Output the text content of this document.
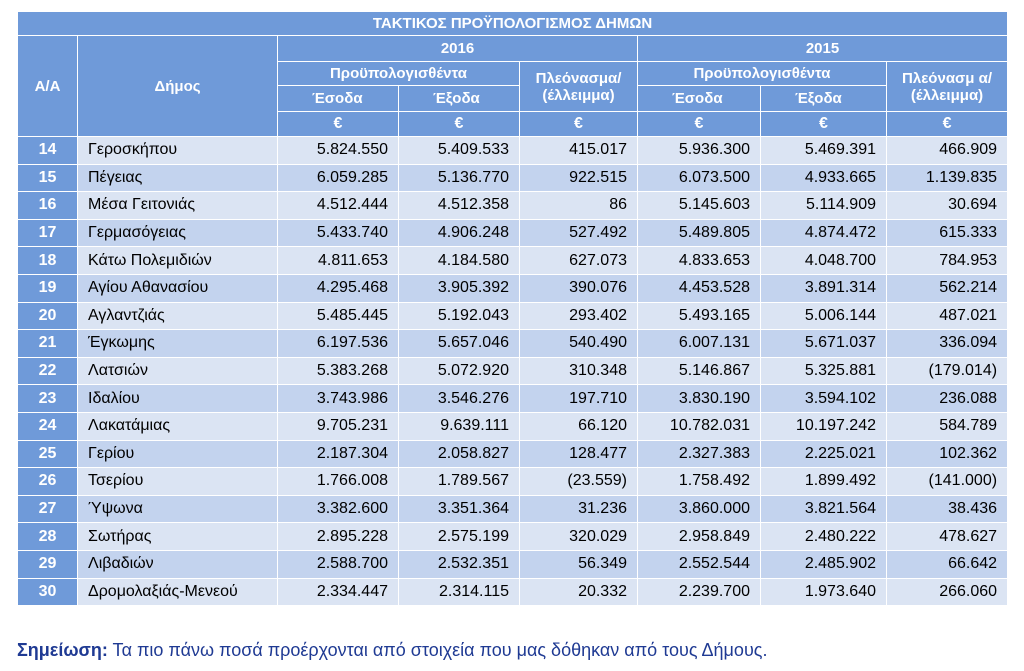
ΤΑΚΤΙΚΟΣ ΠΡΟΫΠΟΛΟΓΙΣΜΟΣ ΔΗΜΩΝ							
Α/Α	Δήμος	2016			2015		
		Προϋπολογισθέντα		Πλεόνασμα/ (έλλειμμα)	Προϋπολογισθέντα		Πλεόνασμ α/ (έλλειμμα)
		Έσοδα	Έξοδα		Έσοδα	Έξοδα	
		€	€	€	€	€	€
14	Γεροσκήπου	5.824.550	5.409.533	415.017	5.936.300	5.469.391	466.909
15	Πέγειας	6.059.285	5.136.770	922.515	6.073.500	4.933.665	1.139.835
16	Μέσα Γειτονιάς	4.512.444	4.512.358	86	5.145.603	5.114.909	30.694
17	Γερμασόγειας	5.433.740	4.906.248	527.492	5.489.805	4.874.472	615.333
18	Κάτω Πολεμιδιών	4.811.653	4.184.580	627.073	4.833.653	4.048.700	784.953
19	Αγίου Αθανασίου	4.295.468	3.905.392	390.076	4.453.528	3.891.314	562.214
20	Αγλαντζιάς	5.485.445	5.192.043	293.402	5.493.165	5.006.144	487.021
21	Έγκωμης	6.197.536	5.657.046	540.490	6.007.131	5.671.037	336.094
22	Λατσιών	5.383.268	5.072.920	310.348	5.146.867	5.325.881	(179.014)
23	Ιδαλίου	3.743.986	3.546.276	197.710	3.830.190	3.594.102	236.088
24	Λακατάμιας	9.705.231	9.639.111	66.120	10.782.031	10.197.242	584.789
25	Γερίου	2.187.304	2.058.827	128.477	2.327.383	2.225.021	102.362
26	Τσερίου	1.766.008	1.789.567	(23.559)	1.758.492	1.899.492	(141.000)
27	Ύψωνα	3.382.600	3.351.364	31.236	3.860.000	3.821.564	38.436
28	Σωτήρας	2.895.228	2.575.199	320.029	2.958.849	2.480.222	478.627
29	Λιβαδιών	2.588.700	2.532.351	56.349	2.552.544	2.485.902	66.642
30	Δρομολαξιάς-Μενεού	2.334.447	2.314.115	20.332	2.239.700	1.973.640	266.060
Σημείωση: Τα πιο πάνω ποσά προέρχονται από στοιχεία που μας δόθηκαν από τους Δήμους.
